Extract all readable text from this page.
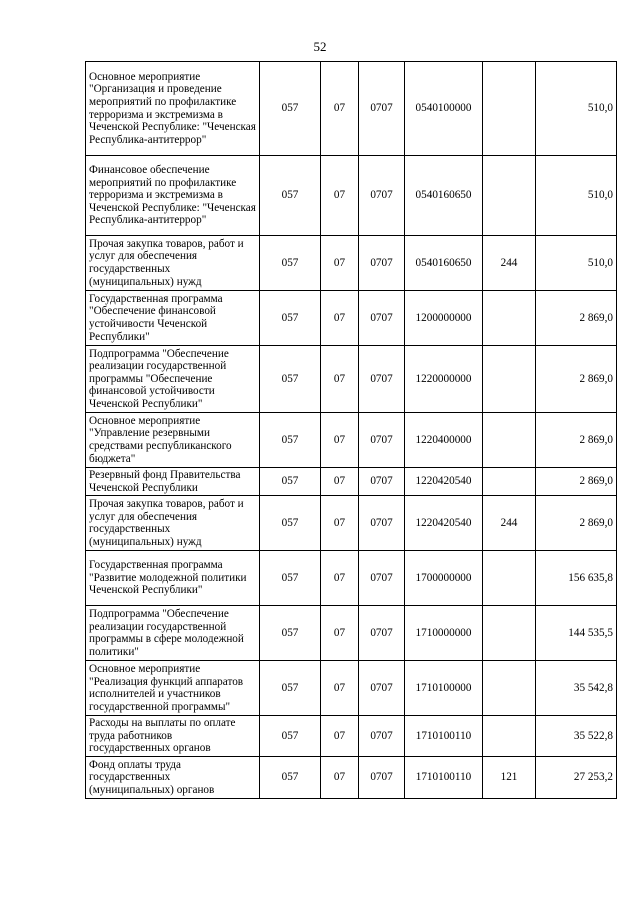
52
Основное мероприятие "Организация и проведение мероприятий по профилактике терроризма и экстремизма в Чеченской Республике: "Чеченская Республика-антитеррор"	057	07	0707	0540100000		510,0
Финансовое обеспечение мероприятий по профилактике терроризма и экстремизма в Чеченской Республике: "Чеченская Республика-антитеррор"	057	07	0707	0540160650		510,0
Прочая закупка товаров, работ и услуг для обеспечения государственных (муниципальных) нужд	057	07	0707	0540160650	244	510,0
Государственная программа "Обеспечение финансовой устойчивости Чеченской Республики"	057	07	0707	1200000000		2 869,0
Подпрограмма "Обеспечение реализации государственной программы "Обеспечение финансовой устойчивости Чеченской Республики"	057	07	0707	1220000000		2 869,0
Основное мероприятие "Управление резервными средствами республиканского бюджета"	057	07	0707	1220400000		2 869,0
Резервный фонд Правительства Чеченской Республики	057	07	0707	1220420540		2 869,0
Прочая закупка товаров, работ и услуг для обеспечения государственных (муниципальных) нужд	057	07	0707	1220420540	244	2 869,0
Государственная программа "Развитие молодежной политики Чеченской Республики"	057	07	0707	1700000000		156 635,8
Подпрограмма "Обеспечение реализации государственной программы в сфере молодежной политики"	057	07	0707	1710000000		144 535,5
Основное мероприятие "Реализация функций аппаратов исполнителей и участников государственной программы"	057	07	0707	1710100000		35 542,8
Расходы на выплаты по оплате труда работников государственных органов	057	07	0707	1710100110		35 522,8
Фонд оплаты труда государственных (муниципальных) органов	057	07	0707	1710100110	121	27 253,2
